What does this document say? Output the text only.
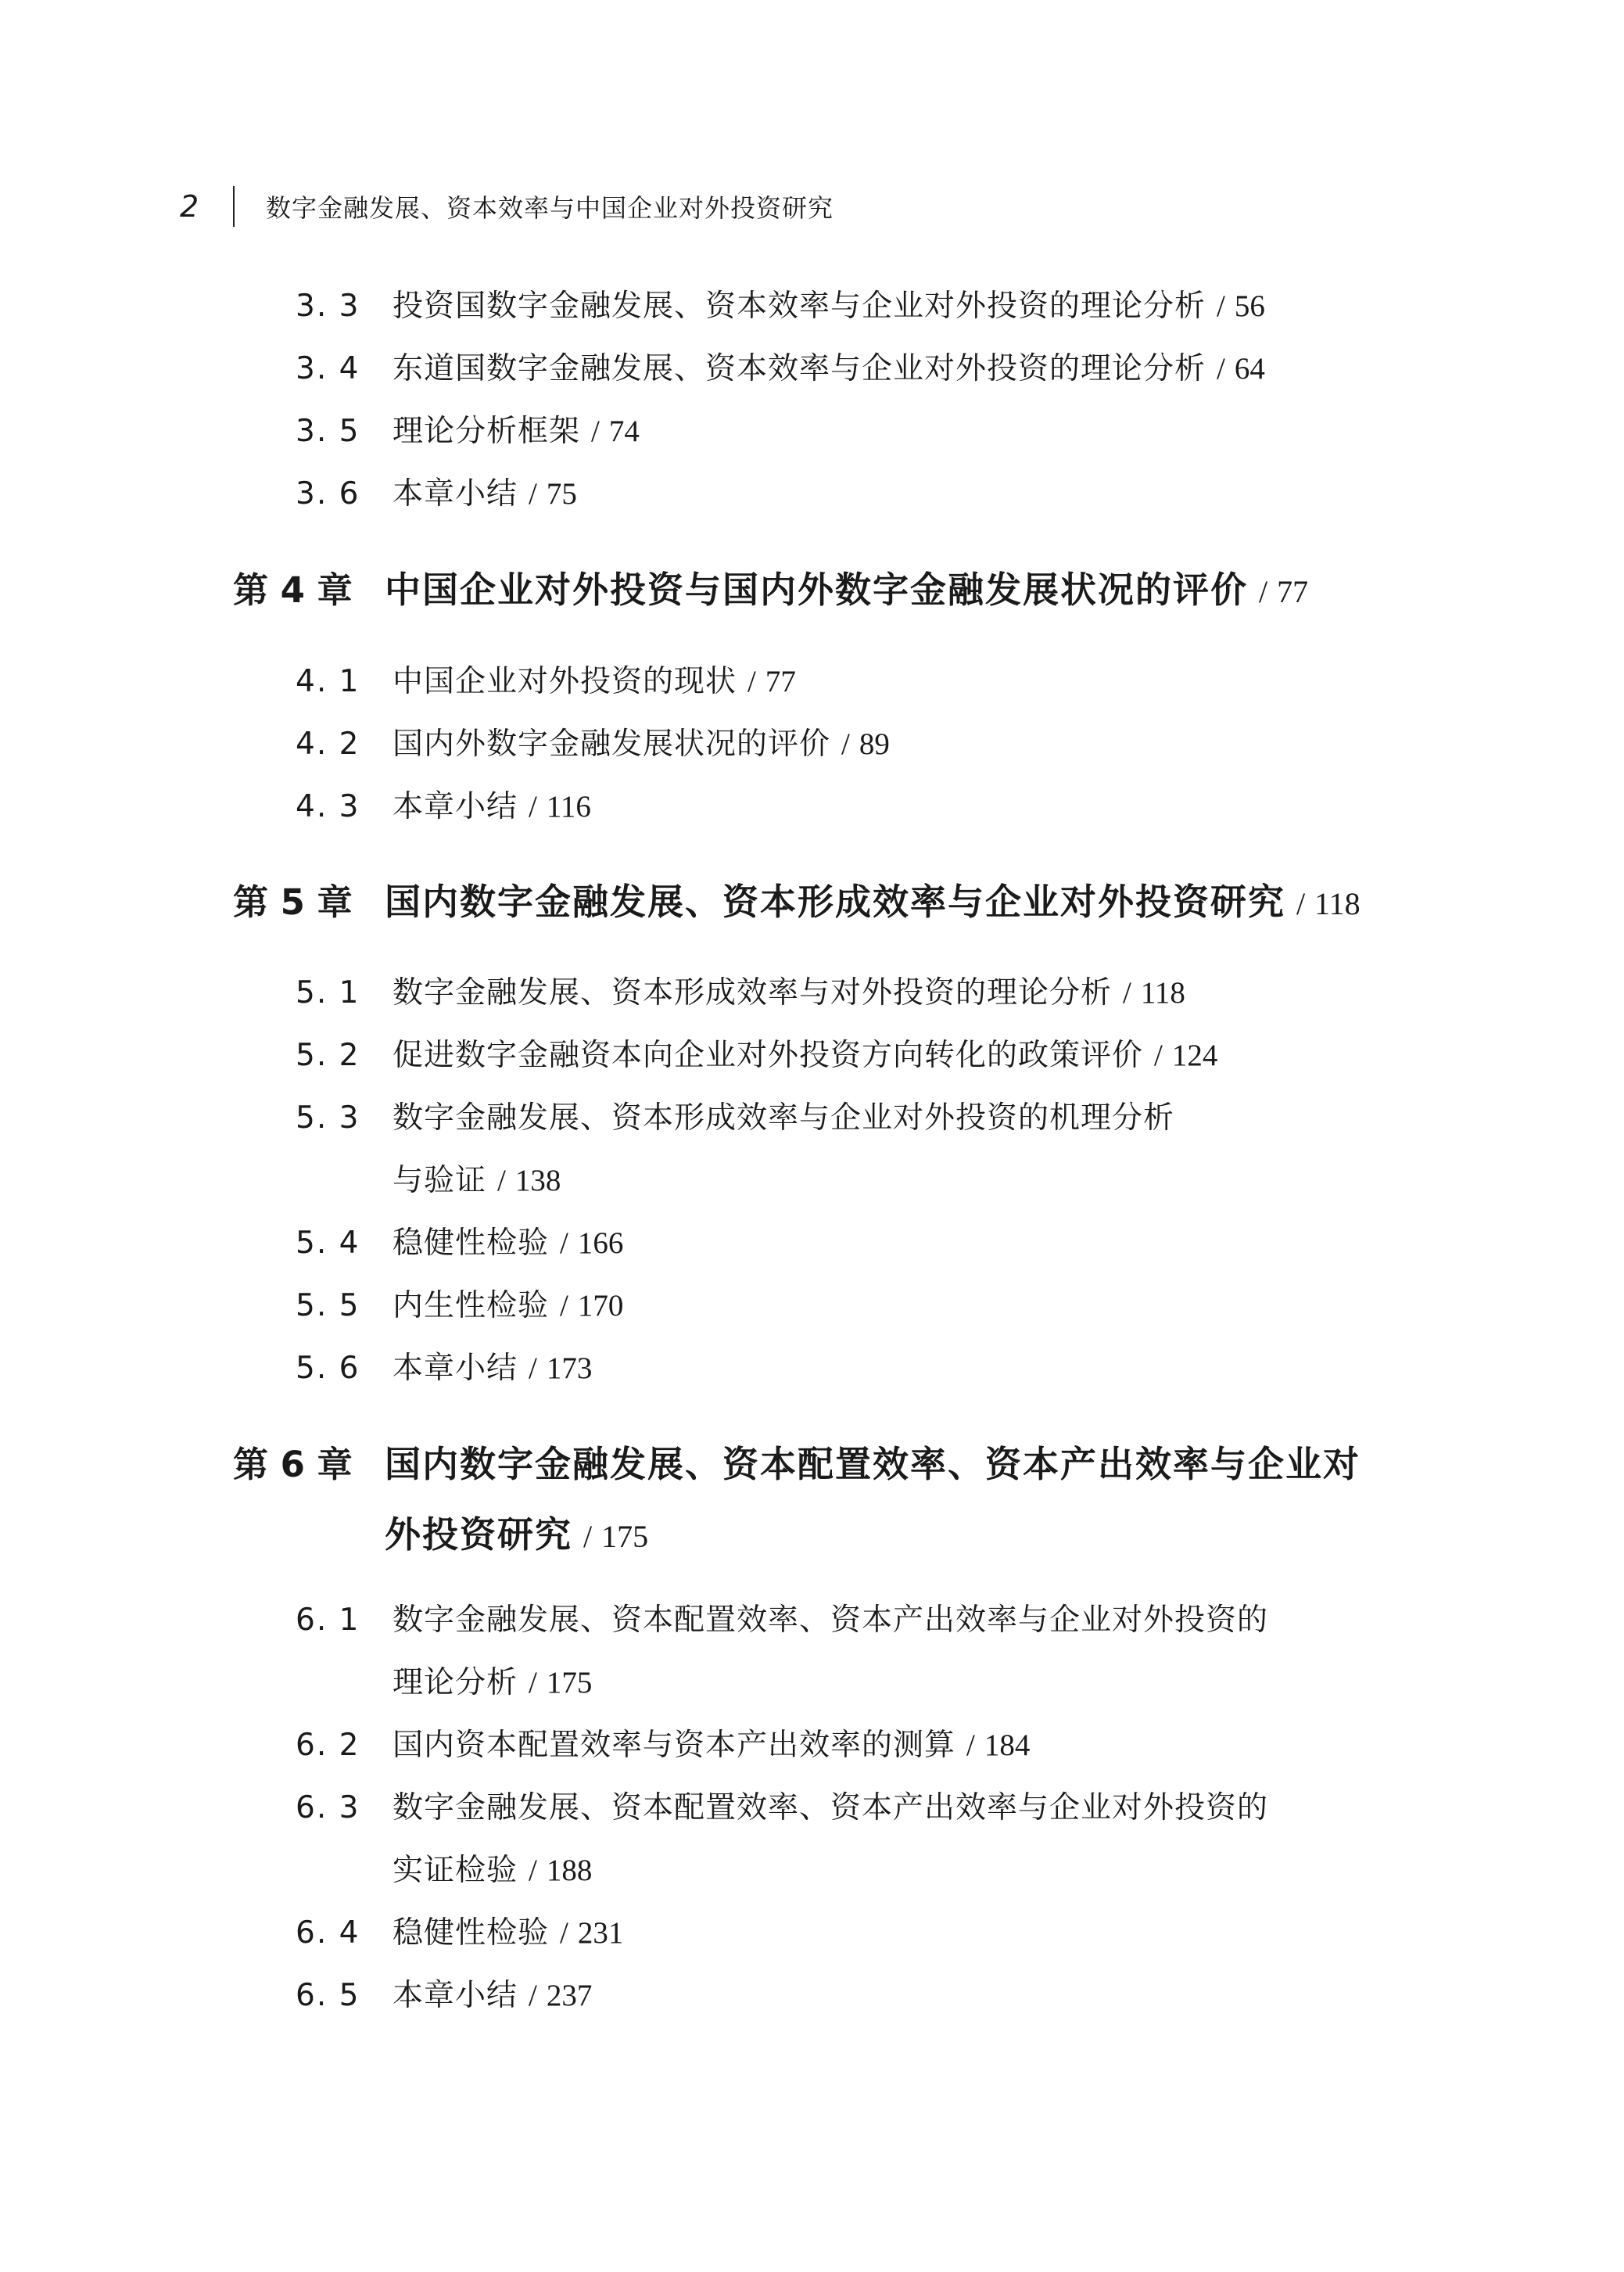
2	数字金融发展、资本效率与中国企业对外投资研究
3. 3 投资国数字金融发展、资本效率与企业对外投资的理论分析 / 56
3. 4 东道国数字金融发展、资本效率与企业对外投资的理论分析 / 64
3. 5 理论分析框架 / 74
3. 6 本章小结 / 75
第 4 章 中国企业对外投资与国内外数字金融发展状况的评价 / 77
4. 1 中国企业对外投资的现状 / 77
4. 2 国内外数字金融发展状况的评价 / 89
4. 3 本章小结 / 116
第 5 章 国内数字金融发展、资本形成效率与企业对外投资研究 / 118
5. 1 数字金融发展、资本形成效率与对外投资的理论分析 / 118
5. 2 促进数字金融资本向企业对外投资方向转化的政策评价 / 124
5. 3 数字金融发展、资本形成效率与企业对外投资的机理分析
与验证 / 138
5. 4 稳健性检验 / 166
5. 5 内生性检验 / 170
5. 6 本章小结 / 173
第 6 章 国内数字金融发展、资本配置效率、资本产出效率与企业对
外投资研究 / 175
6. 1 数字金融发展、资本配置效率、资本产出效率与企业对外投资的
理论分析 / 175
6. 2 国内资本配置效率与资本产出效率的测算 / 184
6. 3 数字金融发展、资本配置效率、资本产出效率与企业对外投资的
实证检验 / 188
6. 4 稳健性检验 / 231
6. 5 本章小结 / 237
